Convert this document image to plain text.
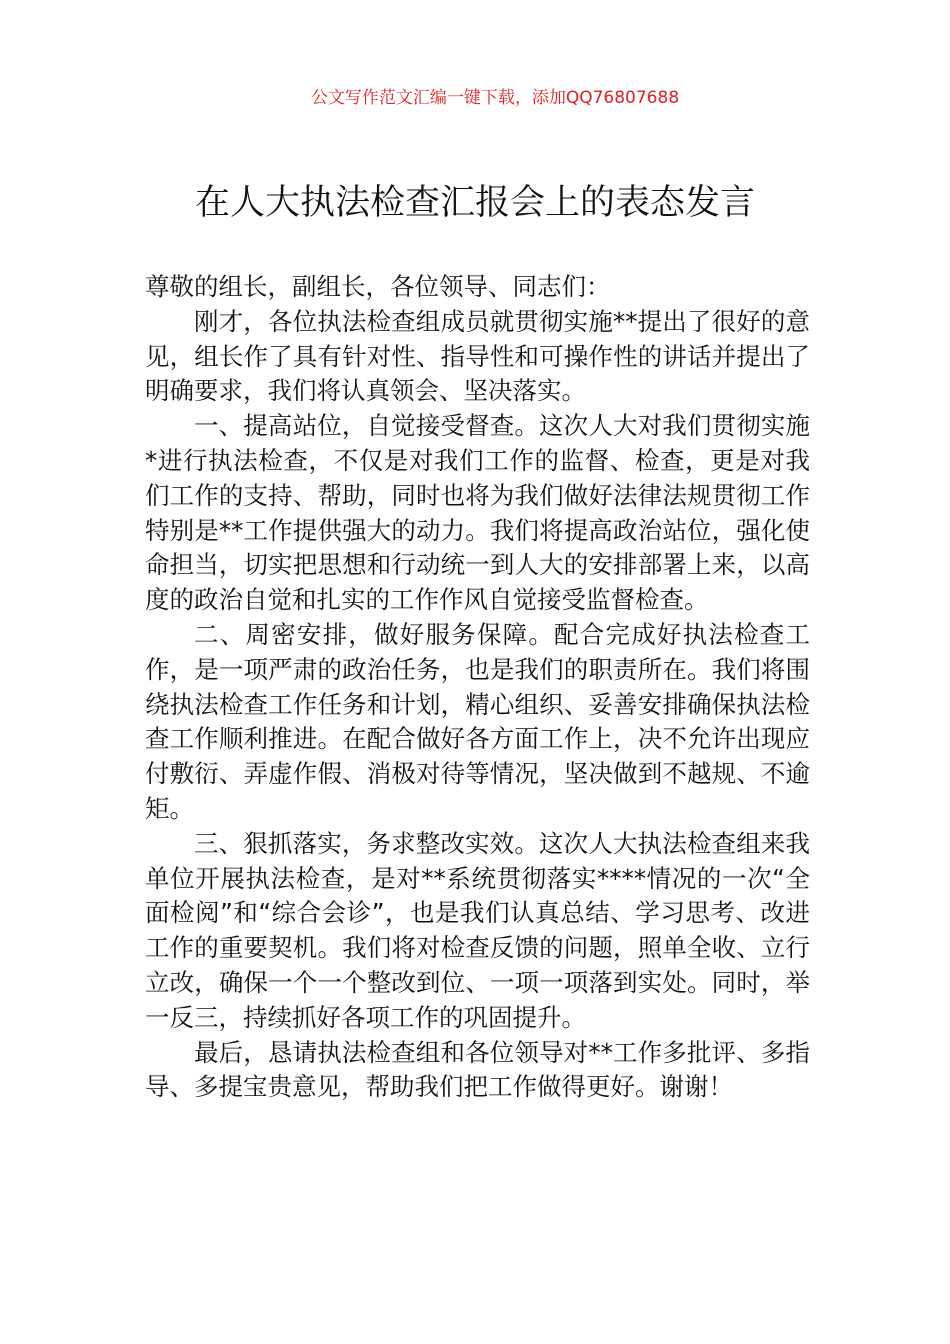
公文写作范文汇编一键下载，添加QQ76807688
在人大执法检查汇报会上的表态发言

尊敬的组长，副组长，各位领导、同志们：

刚才，各位执法检查组成员就贯彻实施**提出了很好的意见，组长作了具有针对性、指导性和可操作性的讲话并提出了明确要求，我们将认真领会、坚决落实。

一、提高站位，自觉接受督查。这次人大对我们贯彻实施*进行执法检查，不仅是对我们工作的监督、检查，更是对我们工作的支持、帮助，同时也将为我们做好法律法规贯彻工作特别是**工作提供强大的动力。我们将提高政治站位，强化使命担当，切实把思想和行动统一到人大的安排部署上来，以高度的政治自觉和扎实的工作作风自觉接受监督检查。

二、周密安排，做好服务保障。配合完成好执法检查工作，是一项严肃的政治任务，也是我们的职责所在。我们将围绕执法检查工作任务和计划，精心组织、妥善安排确保执法检查工作顺利推进。在配合做好各方面工作上，决不允许出现应付敷衍、弄虚作假、消极对待等情况，坚决做到不越规、不逾矩。

三、狠抓落实，务求整改实效。这次人大执法检查组来我单位开展执法检查，是对**系统贯彻落实****情况的一次“全面检阅”和“综合会诊”，也是我们认真总结、学习思考、改进工作的重要契机。我们将对检查反馈的问题，照单全收、立行立改，确保一个一个整改到位、一项一项落到实处。同时，举一反三，持续抓好各项工作的巩固提升。

最后，恳请执法检查组和各位领导对**工作多批评、多指导、多提宝贵意见，帮助我们把工作做得更好。谢谢！
